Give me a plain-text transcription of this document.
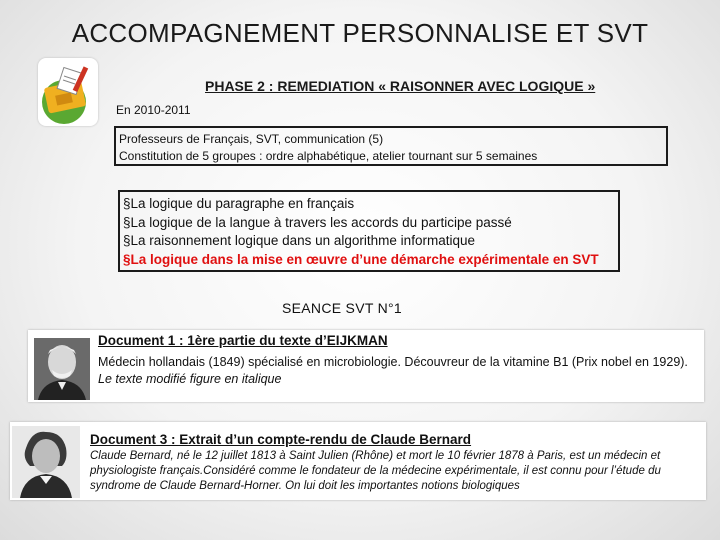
ACCOMPAGNEMENT PERSONNALISE ET SVT
PHASE 2 : REMEDIATION « RAISONNER AVEC LOGIQUE »
En 2010-2011
Professeurs de Français, SVT, communication (5)
Constitution de 5 groupes : ordre alphabétique, atelier tournant sur 5 semaines
§La logique du paragraphe en français
§La logique de la langue à travers les accords du participe passé
§La raisonnement logique dans un algorithme informatique
§La logique dans la mise en œuvre d’une démarche expérimentale en SVT
SEANCE SVT N°1
Document 1 : 1ère partie du texte d’EIJKMAN
Médecin hollandais (1849) spécialisé en microbiologie. Découvreur de la vitamine B1 (Prix nobel en 1929).
Le texte modifié figure en italique
Document 3 : Extrait d’un compte-rendu de Claude Bernard
Claude Bernard, né le 12 juillet 1813 à Saint Julien (Rhône) et mort le 10 février 1878 à Paris, est un médecin et
physiologiste français.Considéré comme le fondateur de la médecine expérimentale, il est connu pour l’étude du
syndrome de Claude Bernard-Horner. On lui doit les importantes notions biologiques
